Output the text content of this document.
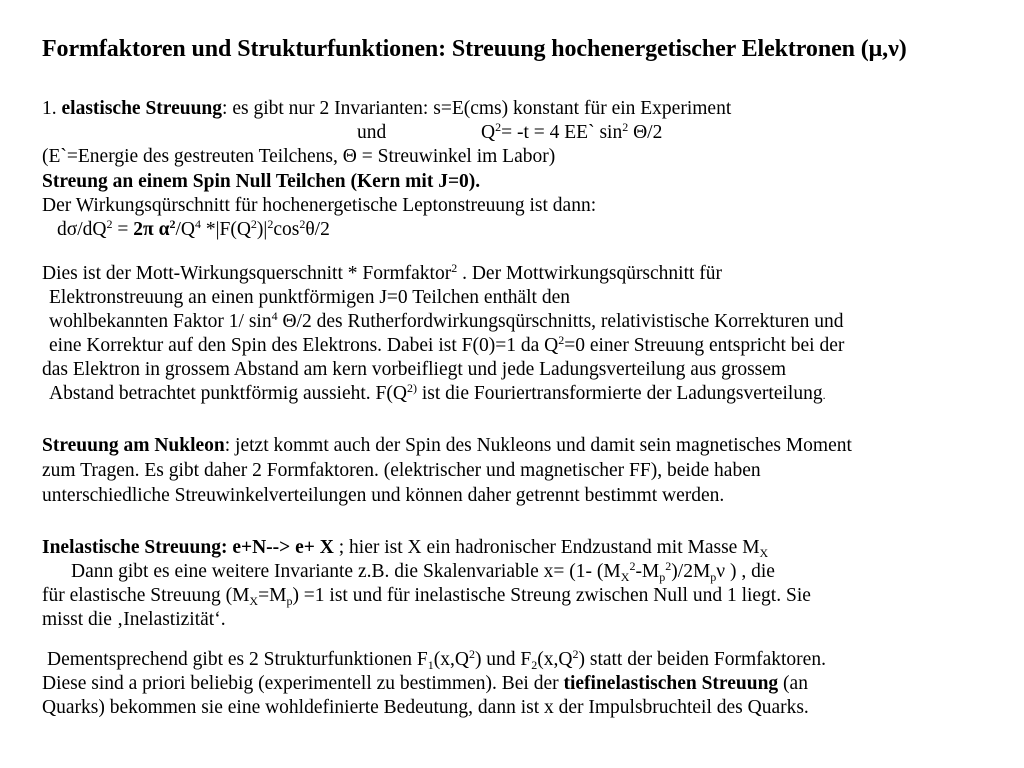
Formfaktoren und Strukturfunktionen: Streuung hochenergetischer Elektronen (μ,ν)
1. elastische Streuung: es gibt nur 2 Invarianten: s=E(cms) konstant für ein Experiment
und	$Q^2= -t = 4$ EE` $\sin^2 \Theta/2$
(E`=Energie des gestreuten Teilchens, Θ = Streuwinkel im Labor)
Streung an einem Spin Null Teilchen (Kern mit J=0).
Der Wirkungsqürschnitt für hochenergetische Leptonstreuung ist dann:
$d\sigma/dQ^2 = 2\pi$ $\alpha^2/Q^4$ $*|F(Q^2)|^2\cos^2\theta/2$
Dies ist der Mott-Wirkungsquerschnitt * Formfaktor$^2$ . Der Mottwirkungsqürschnitt für
Elektronstreuung an einen punktförmigen J=0 Teilchen enthält den
wohlbekannten Faktor 1/ $\sin^4 \Theta/2$ des Rutherfordwirkungsqürschnitts, relativistische Korrekturen und
eine Korrektur auf den Spin des Elektrons. Dabei ist F(0)=1 da $Q^2=0$ einer Streuung entspricht bei der
das Elektron in grossem Abstand am kern vorbeifliegt und jede Ladungsverteilung aus grossem
Abstand betrachtet punktförmig aussieht. $F(Q^{2)}$ ist die Fouriertransformierte der Ladungsverteilung.
Streuung am Nukleon: jetzt kommt auch der Spin des Nukleons und damit sein magnetisches Moment
zum Tragen. Es gibt daher 2 Formfaktoren. (elektrischer und magnetischer FF), beide haben
unterschiedliche Streuwinkelverteilungen und können daher getrennt bestimmt werden.
Inelastische Streuung: e+N--> e+ X ; hier ist X ein hadronischer Endzustand mit Masse $M_X$
Dann gibt es eine weitere Invariante z.B. die Skalenvariable x= (1- $(M_X^2-M_p^2)/2M_p\nu$ ) , die
für elastische Streuung $(M_X=M_p) =1$ ist und für inelastische Streung zwischen Null und 1 liegt. Sie
misst die ‚Inelastizität‘.
Dementsprechend gibt es 2 Strukturfunktionen $F_1(x,Q^2)$ und $F_2(x,Q^2)$ statt der beiden Formfaktoren.
Diese sind a priori beliebig (experimentell zu bestimmen). Bei der tiefinelastischen Streuung (an
Quarks) bekommen sie eine wohldefinierte Bedeutung, dann ist x der Impulsbruchteil des Quarks.
